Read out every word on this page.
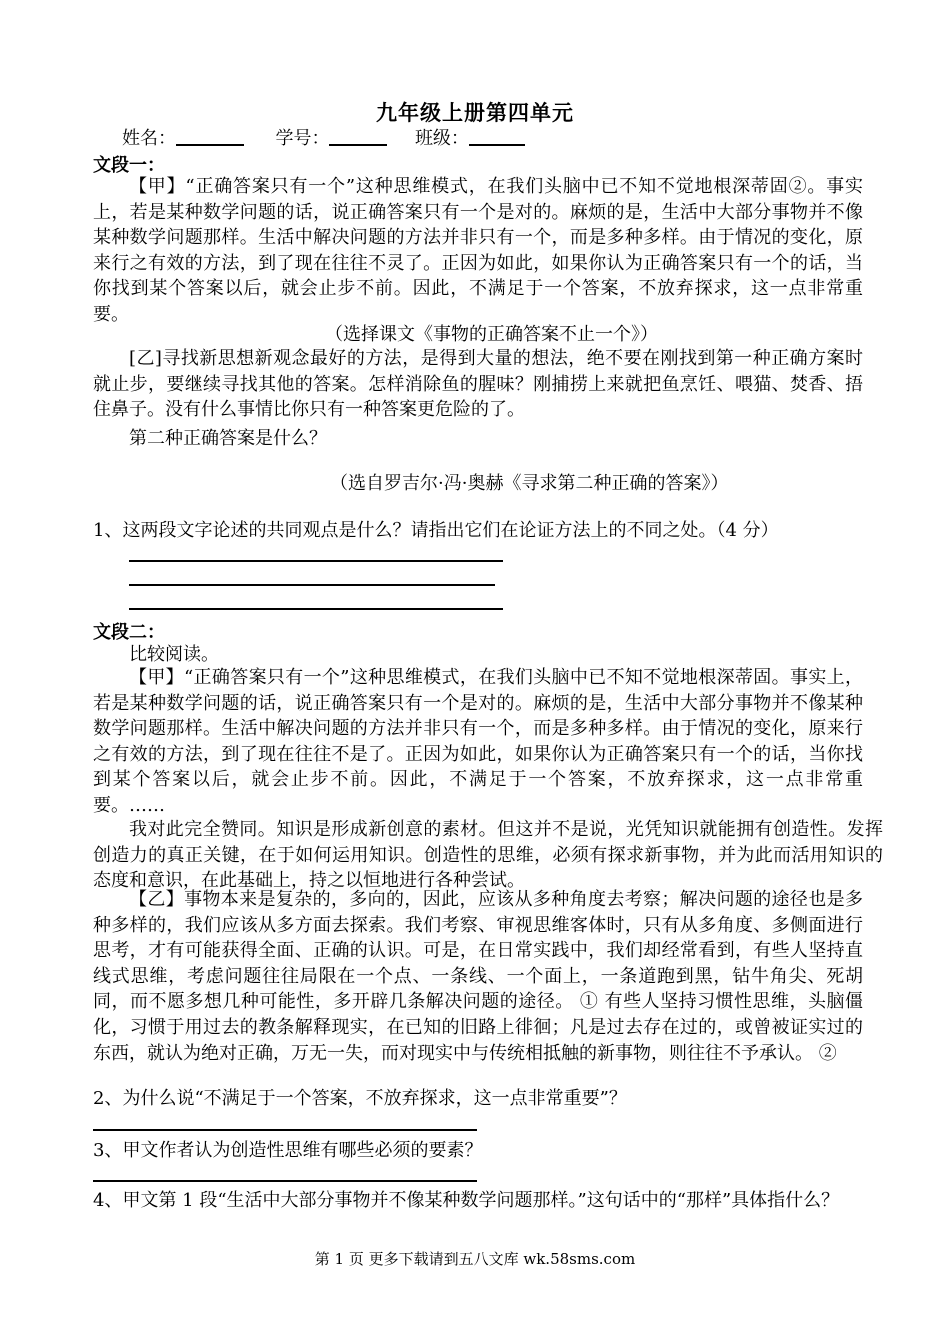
九年级上册第四单元
姓名：	学号：	班级：
文段一：
【甲】“正确答案只有一个”这种思维模式，在我们头脑中已不知不觉地根深蒂固②。事实上，若是某种数学问题的话，说正确答案只有一个是对的。麻烦的是，生活中大部分事物并不像某种数学问题那样。生活中解决问题的方法并非只有一个，而是多种多样。由于情况的变化，原来行之有效的方法，到了现在往往不灵了。正因为如此，如果你认为正确答案只有一个的话，当你找到某个答案以后，就会止步不前。因此，不满足于一个答案，不放弃探求，这一点非常重要。
（选择课文《事物的正确答案不止一个》）
[乙]寻找新思想新观念最好的方法，是得到大量的想法，绝不要在刚找到第一种正确方案时就止步，要继续寻找其他的答案。怎样消除鱼的腥味？刚捕捞上来就把鱼烹饪、喂猫、焚香、捂住鼻子。没有什么事情比你只有一种答案更危险的了。
第二种正确答案是什么？
（选自罗吉尔·冯·奥赫《寻求第二种正确的答案》）
1、这两段文字论述的共同观点是什么？请指出它们在论证方法上的不同之处。（4 分）
文段二：
比较阅读。
【甲】“正确答案只有一个”这种思维模式，在我们头脑中已不知不觉地根深蒂固。事实上，若是某种数学问题的话，说正确答案只有一个是对的。麻烦的是，生活中大部分事物并不像某种数学问题那样。生活中解决问题的方法并非只有一个，而是多种多样。由于情况的变化，原来行之有效的方法，到了现在往往不是了。正因为如此，如果你认为正确答案只有一个的话，当你找到某个答案以后，就会止步不前。因此，不满足于一个答案，不放弃探求，这一点非常重要。……
我对此完全赞同。知识是形成新创意的素材。但这并不是说，光凭知识就能拥有创造性。发挥创造力的真正关键，在于如何运用知识。创造性的思维，必须有探求新事物，并为此而活用知识的态度和意识，在此基础上，持之以恒地进行各种尝试。
【乙】事物本来是复杂的，多向的，因此，应该从多种角度去考察；解决问题的途径也是多种多样的，我们应该从多方面去探索。我们考察、审视思维客体时，只有从多角度、多侧面进行思考，才有可能获得全面、正确的认识。可是，在日常实践中，我们却经常看到，有些人坚持直线式思维，考虑问题往往局限在一个点、一条线、一个面上，一条道跑到黑，钻牛角尖、死胡同，而不愿多想几种可能性，多开辟几条解决问题的途径。 ① 有些人坚持习惯性思维，头脑僵化，习惯于用过去的教条解释现实，在已知的旧路上徘徊；凡是过去存在过的，或曾被证实过的东西，就认为绝对正确，万无一失，而对现实中与传统相抵触的新事物，则往往不予承认。 ②
2、为什么说“不满足于一个答案，不放弃探求，这一点非常重要”？
3、甲文作者认为创造性思维有哪些必须的要素？
4、甲文第 1 段“生活中大部分事物并不像某种数学问题那样。”这句话中的“那样”具体指什么？
第 1 页 更多下载请到五八文库 wk.58sms.com
